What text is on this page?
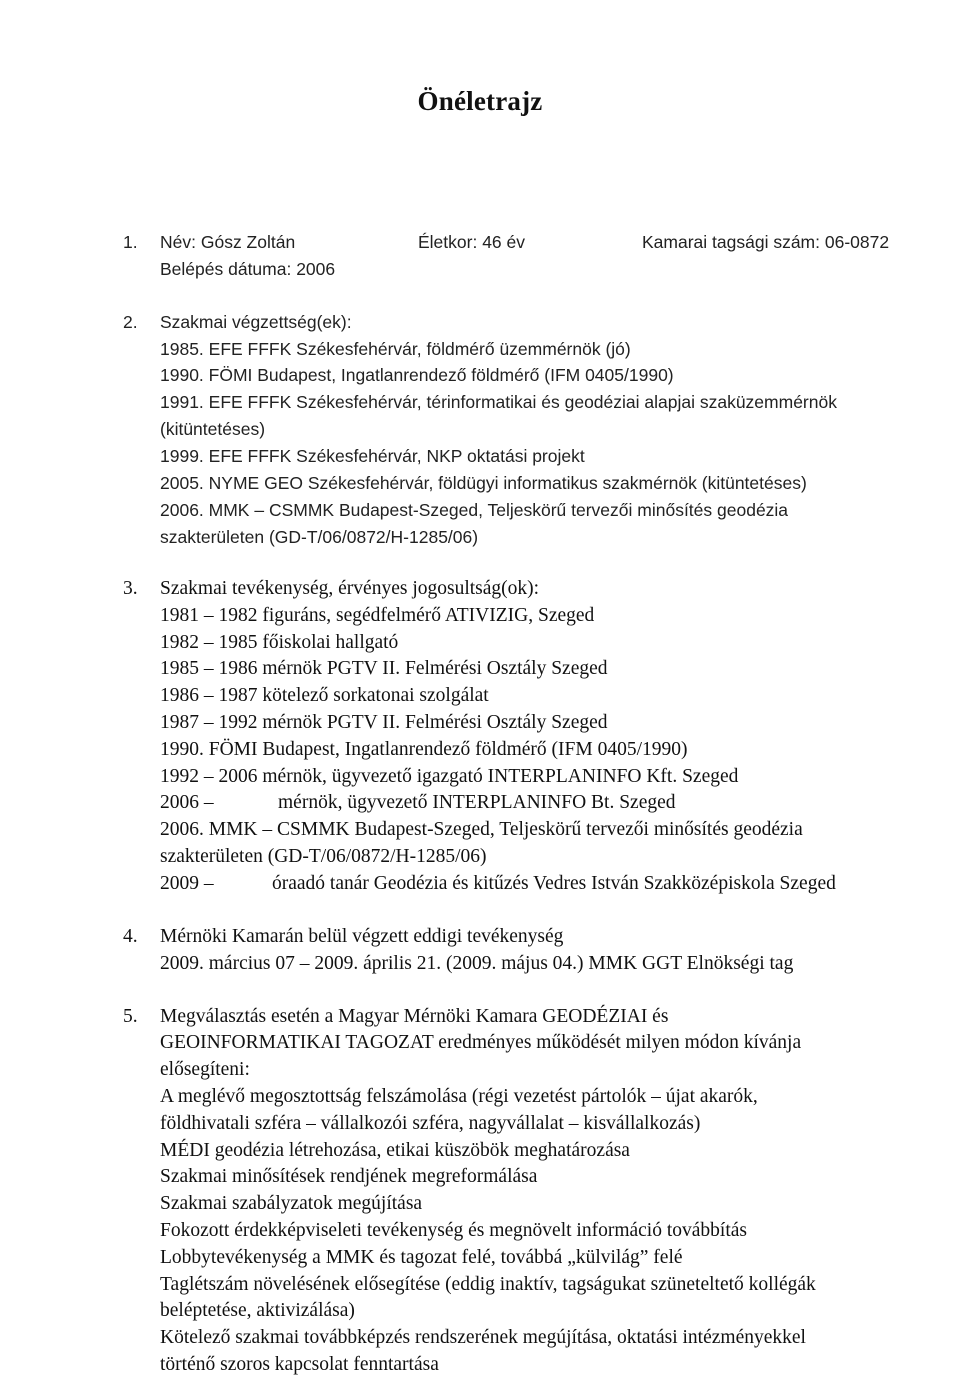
Önéletrajz
1. Név: Gósz Zoltán	Életkor: 46 év	Kamarai tagsági szám: 06-0872
Belépés dátuma: 2006
2. Szakmai végzettség(ek):
1985. EFE FFFK Székesfehérvár, földmérő üzemmérnök (jó)
1990. FÖMI Budapest, Ingatlanrendező földmérő (IFM 0405/1990)
1991. EFE FFFK Székesfehérvár, térinformatikai és geodéziai alapjai szaküzemmérnök
(kitüntetéses)
1999. EFE FFFK Székesfehérvár, NKP oktatási projekt
2005. NYME GEO Székesfehérvár, földügyi informatikus szakmérnök (kitüntetéses)
2006. MMK – CSMMK Budapest-Szeged, Teljeskörű tervezői minősítés geodézia
szakterületen (GD-T/06/0872/H-1285/06)
3. Szakmai tevékenység, érvényes jogosultság(ok):
1981 – 1982 figuráns, segédfelmérő ATIVIZIG, Szeged
1982 – 1985 főiskolai hallgató
1985 – 1986 mérnök PGTV II. Felmérési Osztály Szeged
1986 – 1987 kötelező sorkatonai szolgálat
1987 – 1992 mérnök PGTV II. Felmérési Osztály Szeged
1990. FÖMI Budapest, Ingatlanrendező földmérő (IFM 0405/1990)
1992 – 2006 mérnök, ügyvezető igazgató INTERPLANINFO Kft. Szeged
2006 –	mérnök, ügyvezető INTERPLANINFO Bt. Szeged
2006. MMK – CSMMK Budapest-Szeged, Teljeskörű tervezői minősítés geodézia
szakterületen (GD-T/06/0872/H-1285/06)
2009 –	óraadó tanár Geodézia és kitűzés Vedres István Szakközépiskola Szeged
4. Mérnöki Kamarán belül végzett eddigi tevékenység
2009. március 07 – 2009. április 21. (2009. május 04.) MMK GGT Elnökségi tag
5. Megválasztás esetén a Magyar Mérnöki Kamara GEODÉZIAI és
GEOINFORMATIKAI TAGOZAT eredményes működését milyen módon kívánja
elősegíteni:
A meglévő megosztottság felszámolása (régi vezetést pártolók – újat akarók,
földhivatali szféra – vállalkozói szféra, nagyvállalat – kisvállalkozás)
MÉDI geodézia létrehozása, etikai küszöbök meghatározása
Szakmai minősítések rendjének megreformálása
Szakmai szabályzatok megújítása
Fokozott érdekképviseleti tevékenység és megnövelt információ továbbítás
Lobbytevékenység a MMK és tagozat felé, továbbá „külvilág” felé
Taglétszám növelésének elősegítése (eddig inaktív, tagságukat szüneteltető kollégák
beléptetése, aktivizálása)
Kötelező szakmai továbbképzés rendszerének megújítása, oktatási intézményekkel
történő szoros kapcsolat fenntartása
